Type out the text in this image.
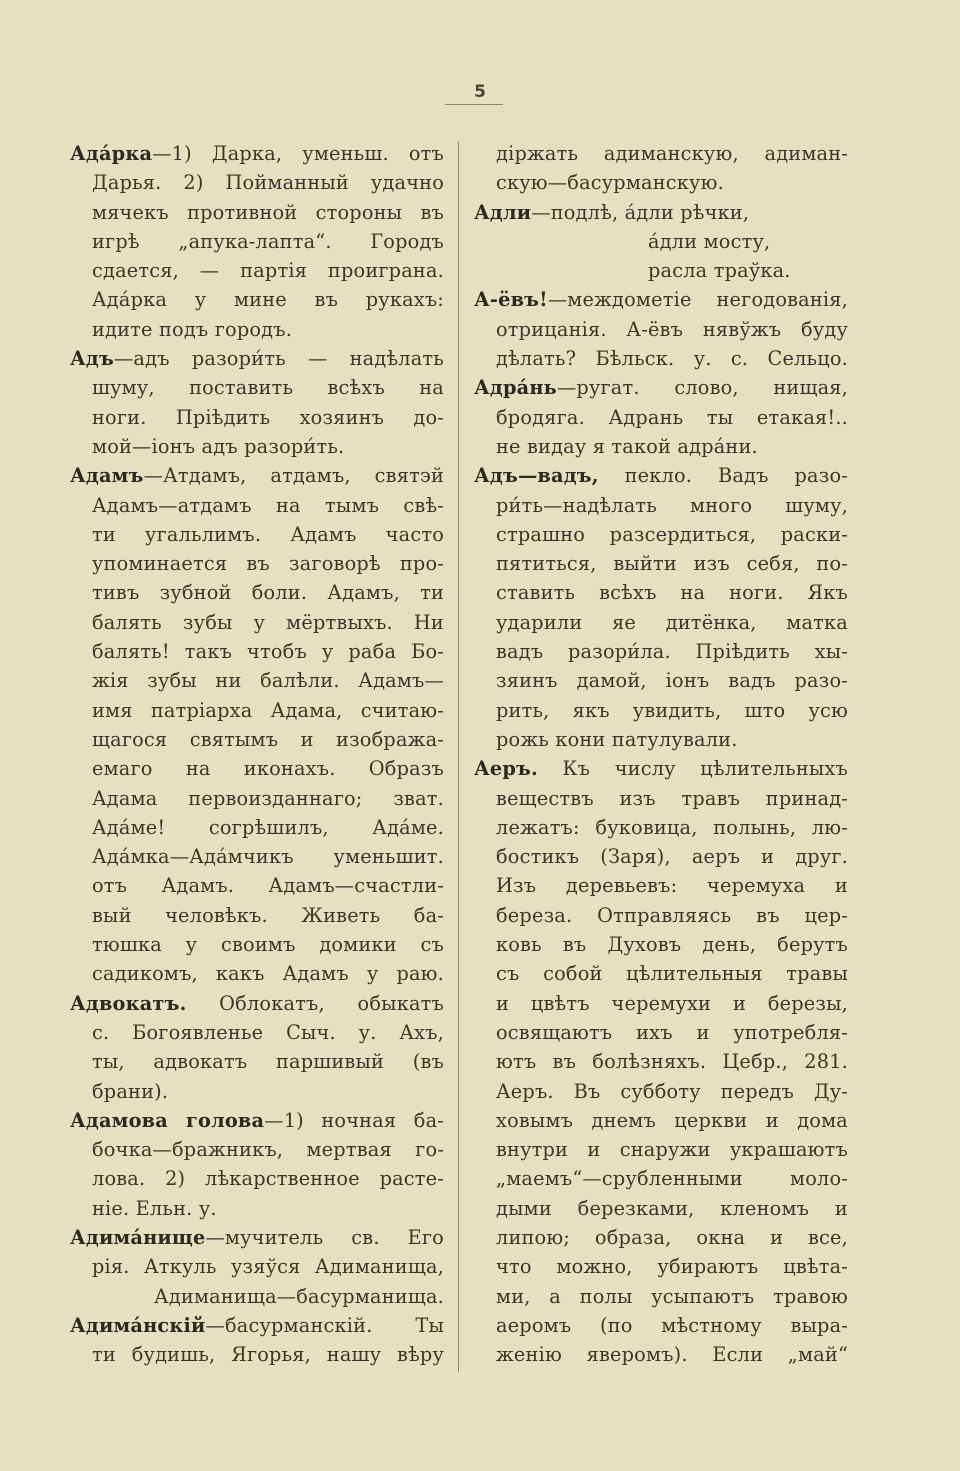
5
Ада́рка—1) Дарка, уменьш. отъ
Дарья. 2) Пойманный удачно
мячекъ противной стороны въ
игрѣ „апука-лапта“. Городъ
сдается, — партія проиграна.
Ада́рка у мине въ рукахъ:
идите подъ городъ.
Адъ—адъ разори́ть — надѣлать
шуму, поставить всѣхъ на
ноги. Пріѣдить хозяинъ до-
мой—іонъ адъ разори́ть.
Адамъ—Атдамъ, атдамъ, святэй
Адамъ—атдамъ на тымъ свѣ-
ти угальлимъ. Адамъ часто
упоминается въ заговорѣ про-
тивъ зубной боли. Адамъ, ти
балять зубы у мёртвыхъ. Ни
балять! такъ чтобъ у раба Бо-
жія зубы ни балѣли. Адамъ—
имя патріарха Адама, считаю-
щагося святымъ и изобража-
емаго на иконахъ. Образъ
Адама первоизданнаго; зват.
Ада́ме! согрѣшилъ, Ада́ме.
Ада́мка—Ада́мчикъ уменьшит.
отъ Адамъ. Адамъ—счастли-
вый человѣкъ. Живеть ба-
тюшка у своимъ домики съ
садикомъ, какъ Адамъ у раю.
Адвокатъ. Облокатъ, обыкатъ
с. Богоявленье Сыч. у. Ахъ,
ты, адвокатъ паршивый (въ
брани).
Адамова голова—1) ночная ба-
бочка—бражникъ, мертвая го-
лова. 2) лѣкарственное расте-
ніе. Ельн. у.
Адима́нище—мучитель св. Его
рія. Аткуль узяўся Адиманища,
Адиманища—басурманища.
Адима́нскій—басурманскій. Ты
ти будишь, Ягорья, нашу вѣру
дiржать адиманскую, адиман-
скую—басурманскую.
Адли—подлѣ, а́дли рѣчки,
а́дли мосту,
расла траўка.
А-ёвъ!—междометіе негодованія,
отрицанія. А-ёвъ нявўжъ буду
дѣлать? Бѣльск. у. с. Сельцо.
Адра́нь—ругат. слово, нищая,
бродяга. Адрань ты етакая!..
не видау я такой адра́ни.
Адъ—вадъ, пекло. Вадъ разо-
ри́ть—надѣлать много шуму,
страшно разсердиться, раски-
пятиться, выйти изъ себя, по-
ставить всѣхъ на ноги. Якъ
ударили яе дитёнка, матка
вадъ разори́ла. Пріѣдить хы-
зяинъ дамой, іонъ вадъ разо-
рить, якъ увидить, што усю
рожь кони патулували.
Аеръ. Къ числу цѣлительныхъ
веществъ изъ травъ принад-
лежатъ: буковица, полынь, лю-
бостикъ (Заря), аеръ и друг.
Изъ деревьевъ: черемуха и
береза. Отправляясь въ цер-
ковь въ Духовъ день, берутъ
съ собой цѣлительныя травы
и цвѣтъ черемухи и березы,
освящаютъ ихъ и употребля-
ютъ въ болѣзняхъ. Цебр., 281.
Аеръ. Въ субботу передъ Ду-
ховымъ днемъ церкви и дома
внутри и снаружи украшаютъ
„маемъ“—срубленными моло-
дыми березками, кленомъ и
липою; образа, окна и все,
что можно, убираютъ цвѣта-
ми, а полы усыпаютъ травою
аеромъ (по мѣстному выра-
женію яверомъ). Если „май“
